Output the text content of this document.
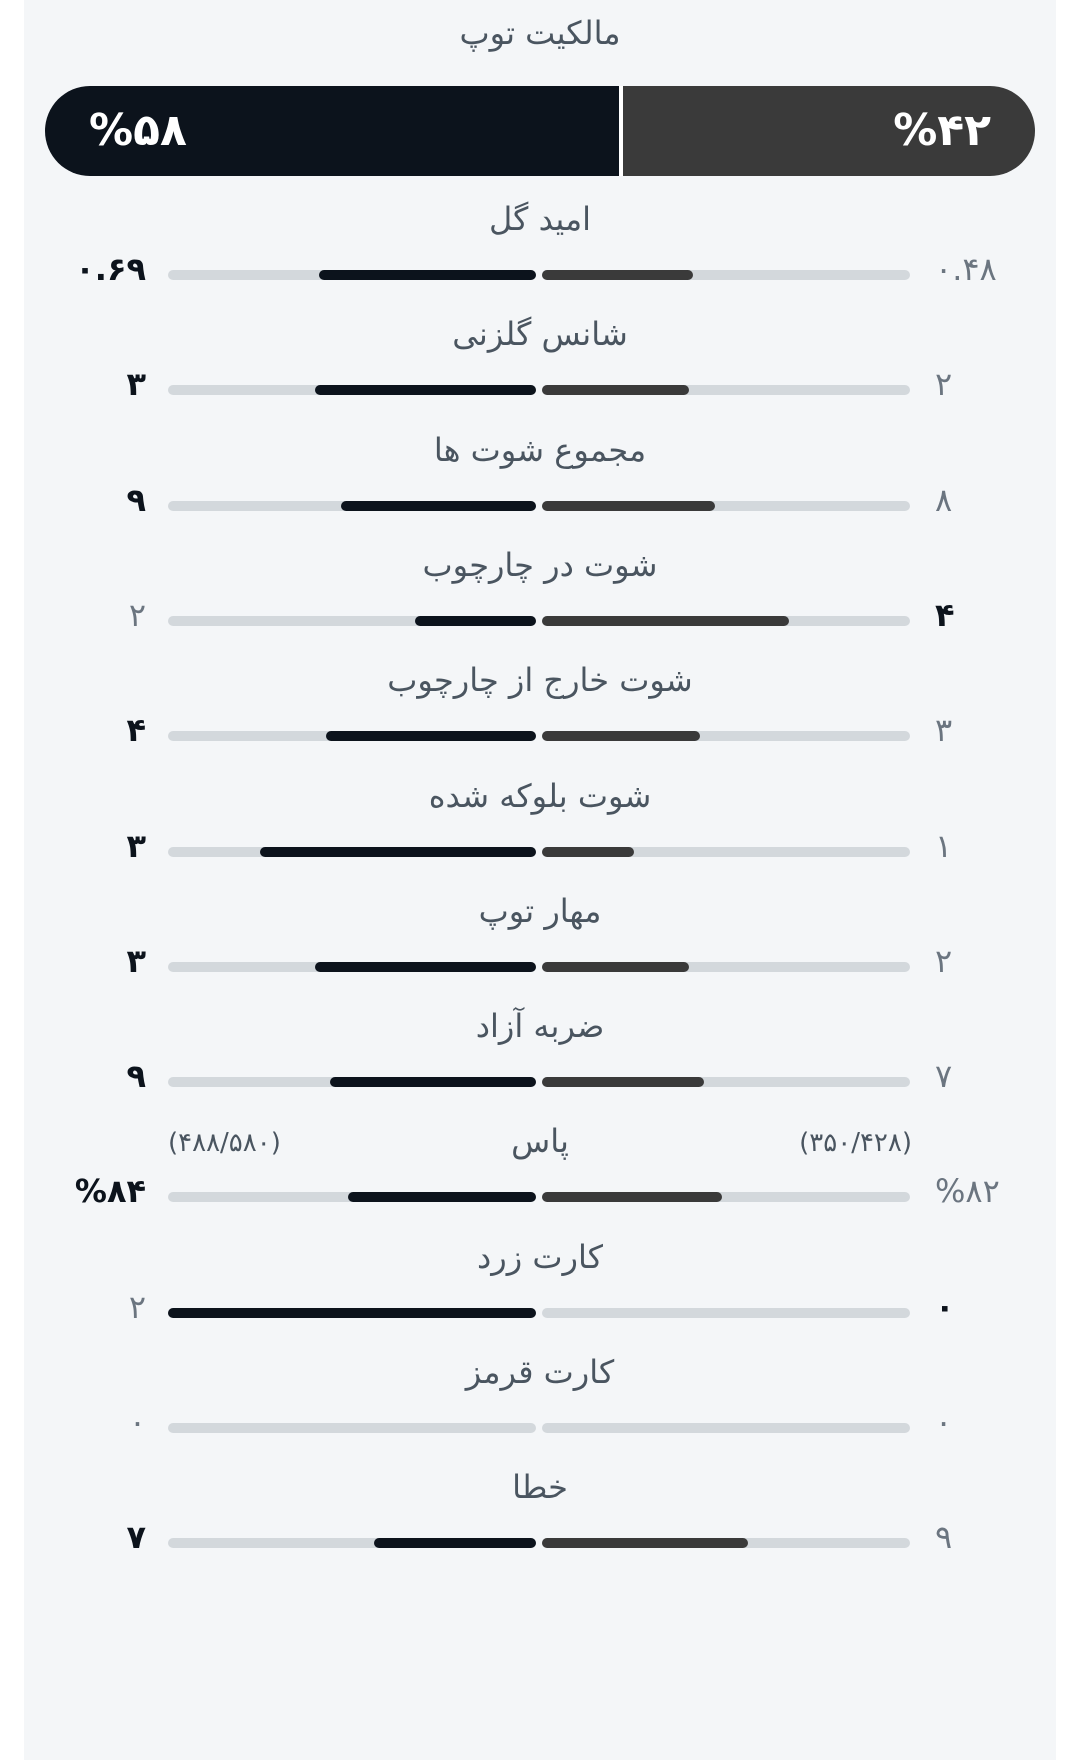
مالکیت توپ
%۵۸	%۴۲
امید گل
۰.۶۹	۰.۴۸
شانس گلزنی
۳	۲
مجموع شوت ها
۹	۸
شوت در چارچوب
۲	۴
شوت خارج از چارچوب
۴	۳
شوت بلوکه شده
۳	۱
مهار توپ
۳	۲
ضربه آزاد
۹	۷
پاس
(۴۸۸/۵۸۰)	(۳۵۰/۴۲۸)
%۸۴	%۸۲
کارت زرد
۲	۰
کارت قرمز
۰	۰
خطا
۷	۹
